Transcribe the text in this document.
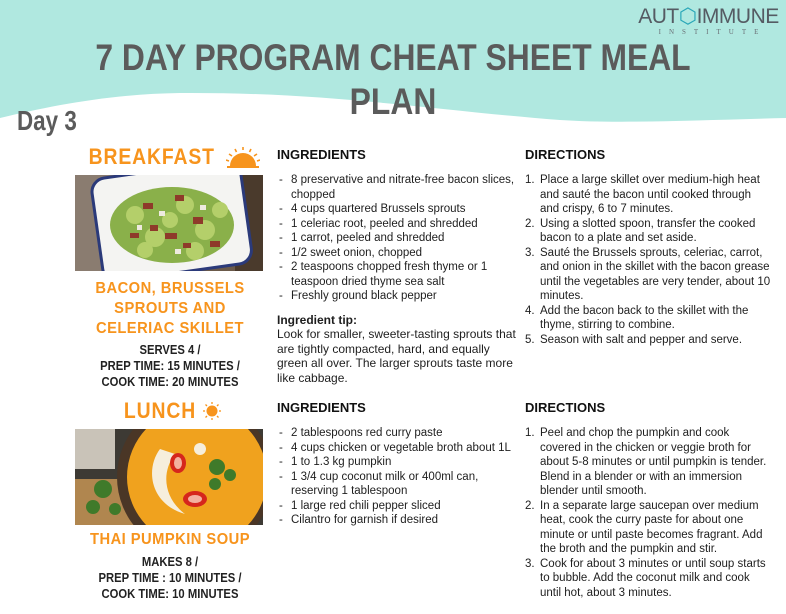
AUT⬡IMMUNE
INSTITUTE
7 DAY PROGRAM CHEAT SHEET MEAL PLAN
Day 3
BREAKFAST
BACON, BRUSSELS
SPROUTS AND
CELERIAC SKILLET
SERVES 4 /
PREP TIME: 15 MINUTES /
COOK TIME: 20 MINUTES
INGREDIENTS
- 8 preservative and nitrate-free bacon slices, chopped
- 4 cups quartered Brussels sprouts
- 1 celeriac root, peeled and shredded
- 1 carrot, peeled and shredded
- 1/2 sweet onion, chopped
- 2 teaspoons chopped fresh thyme or 1 teaspoon dried thyme sea salt
- Freshly ground black pepper
Ingredient tip:
Look for smaller, sweeter-tasting sprouts that are tightly compacted, hard, and equally green all over. The larger sprouts taste more like cabbage.
DIRECTIONS
1. Place a large skillet over medium-high heat and sauté the bacon until cooked through and crispy, 6 to 7 minutes.
2. Using a slotted spoon, transfer the cooked bacon to a plate and set aside.
3. Sauté the Brussels sprouts, celeriac, carrot, and onion in the skillet with the bacon grease until the vegetables are very tender, about 10 minutes.
4. Add the bacon back to the skillet with the thyme, stirring to combine.
5. Season with salt and pepper and serve.
LUNCH
THAI PUMPKIN SOUP
MAKES 8 /
PREP TIME : 10 MINUTES /
COOK TIME: 10 MINUTES
INGREDIENTS
- 2 tablespoons red curry paste
- 4 cups chicken or vegetable broth about 1L
- 1 to 1.3 kg pumpkin
- 1 3/4 cup coconut milk or 400ml can, reserving 1 tablespoon
- 1 large red chili pepper sliced
- Cilantro for garnish if desired
DIRECTIONS
1. Peel and chop the pumpkin and cook covered in the chicken or veggie broth for about 5-8 minutes or until pumpkin is tender. Blend in a blender or with an immersion blender until smooth.
2. In a separate large saucepan over medium heat, cook the curry paste for about one minute or until paste becomes fragrant. Add the broth and the pumpkin and stir.
3. Cook for about 3 minutes or until soup starts to bubble. Add the coconut milk and cook until hot, about 3 minutes.
